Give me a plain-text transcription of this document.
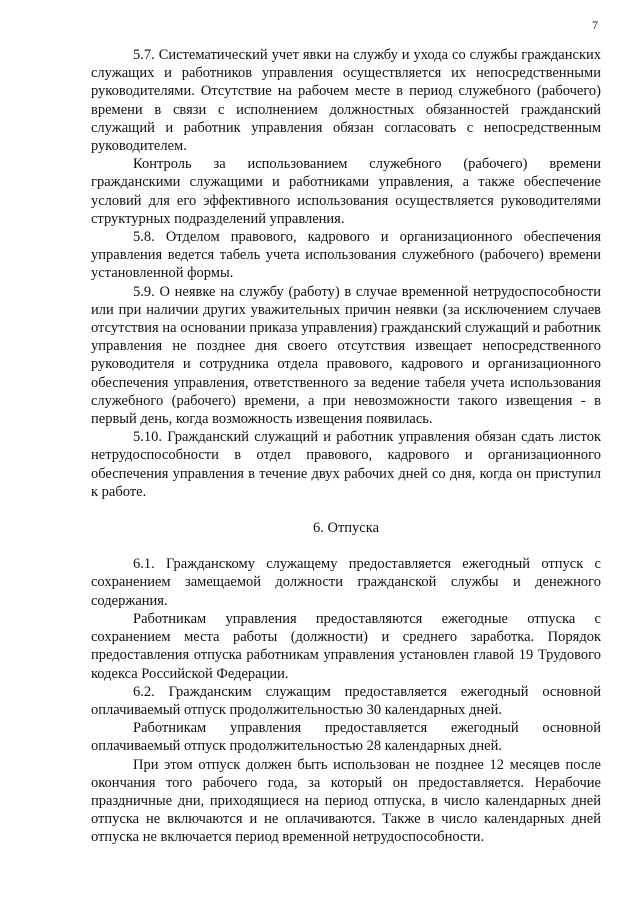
7

5.7. Систематический учет явки на службу и ухода со службы гражданских служащих и работников управления осуществляется их непосредственными руководителями. Отсутствие на рабочем месте в период служебного (рабочего) времени в связи с исполнением должностных обязанностей гражданский служащий и работник управления обязан согласовать с непосредственным руководителем.

Контроль за использованием служебного (рабочего) времени гражданскими служащими и работниками управления, а также обеспечение условий для его эффективного использования осуществляется руководителями структурных подразделений управления.

5.8. Отделом правового, кадрового и организационного обеспечения управления ведется табель учета использования служебного (рабочего) времени установленной формы.

5.9. О неявке на службу (работу) в случае временной нетрудоспособности или при наличии других уважительных причин неявки (за исключением случаев отсутствия на основании приказа управления) гражданский служащий и работник управления не позднее дня своего отсутствия извещает непосредственного руководителя и сотрудника отдела правового, кадрового и организационного обеспечения управления, ответственного за ведение табеля учета использования служебного (рабочего) времени, а при невозможности такого извещения - в первый день, когда возможность извещения появилась.

5.10. Гражданский служащий и работник управления обязан сдать листок нетрудоспособности в отдел правового, кадрового и организационного обеспечения управления в течение двух рабочих дней со дня, когда он приступил к работе.

6. Отпуска

6.1. Гражданскому служащему предоставляется ежегодный отпуск с сохранением замещаемой должности гражданской службы и денежного содержания.

Работникам управления предоставляются ежегодные отпуска с сохранением места работы (должности) и среднего заработка. Порядок предоставления отпуска работникам управления установлен главой 19 Трудового кодекса Российской Федерации.

6.2. Гражданским служащим предоставляется ежегодный основной оплачиваемый отпуск продолжительностью 30 календарных дней.

Работникам управления предоставляется ежегодный основной оплачиваемый отпуск продолжительностью 28 календарных дней.

При этом отпуск должен быть использован не позднее 12 месяцев после окончания того рабочего года, за который он предоставляется. Нерабочие праздничные дни, приходящиеся на период отпуска, в число календарных дней отпуска не включаются и не оплачиваются. Также в число календарных дней отпуска не включается период временной нетрудоспособности.
